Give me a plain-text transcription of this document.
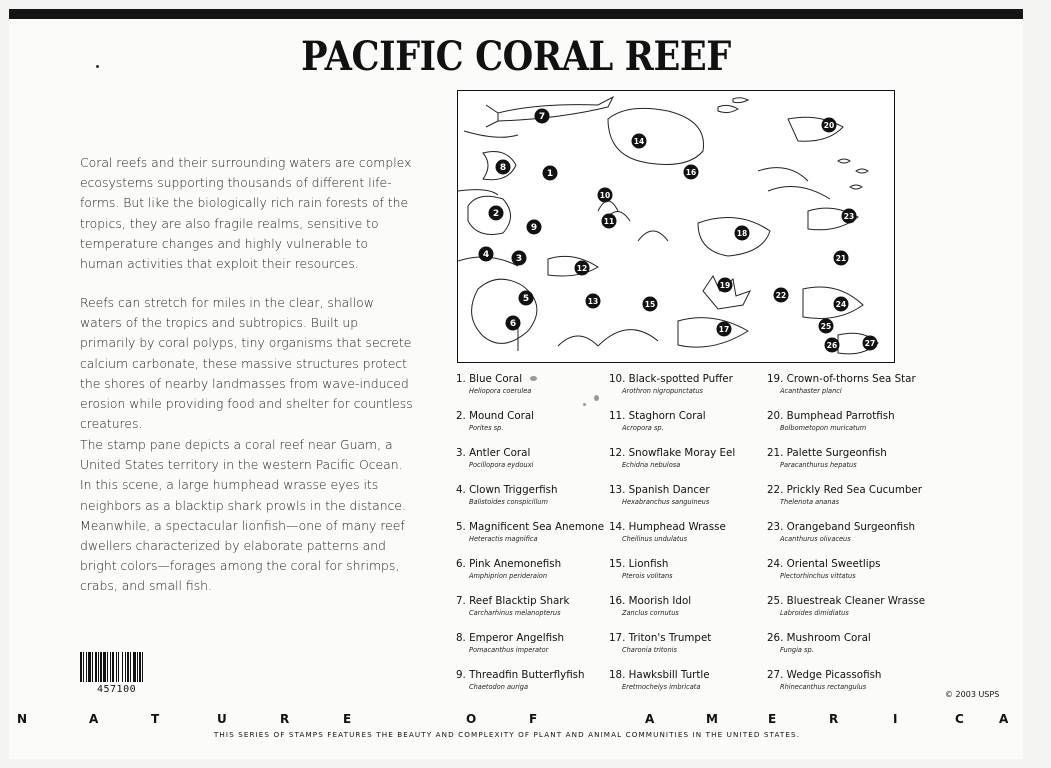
PACIFIC CORAL REEF
Coral reefs and their surrounding waters are complex ecosystems supporting thousands of different life-forms. But like the biologically rich rain forests of the tropics, they are also fragile realms, sensitive to temperature changes and highly vulnerable to human activities that exploit their resources.
Reefs can stretch for miles in the clear, shallow waters of the tropics and subtropics. Built up primarily by coral polyps, tiny organisms that secrete calcium carbonate, these massive structures protect the shores of nearby landmasses from wave-induced erosion while providing food and shelter for countless creatures.
The stamp pane depicts a coral reef near Guam, a United States territory in the western Pacific Ocean. In this scene, a large humphead wrasse eyes its neighbors as a blacktip shark prowls in the distance. Meanwhile, a spectacular lionfish—one of many reef dwellers characterized by elaborate patterns and bright colors—forages among the coral for shrimps, crabs, and small fish.
457100
1
2
3
4
5
6
7
8
9
10
11
12
13
14
15
16
17
18
19
20
21
22
23
24
25
26	27
1. Blue Coral
Heliopora coerulea
2. Mound Coral
Porites sp.
3. Antler Coral
Pocillopora eydouxi
4. Clown Triggerfish
Balistoides conspicillum
5. Magnificent Sea Anemone
Heteractis magnifica
6. Pink Anemonefish
Amphiprion perideraion
7. Reef Blacktip Shark
Carcharhinus melanopterus
8. Emperor Angelfish
Pomacanthus imperator
9. Threadfin Butterflyfish
Chaetodon auriga
10. Black-spotted Puffer
Arothron nigropunctatus
11. Staghorn Coral
Acropora sp.
12. Snowflake Moray Eel
Echidna nebulosa
13. Spanish Dancer
Hexabranchus sanguineus
14. Humphead Wrasse
Cheilinus undulatus
15. Lionfish
Pterois volitans
16. Moorish Idol
Zanclus cornutus
17. Triton's Trumpet
Charonia tritonis
18. Hawksbill Turtle
Eretmochelys imbricata
19. Crown-of-thorns Sea Star
Acanthaster planci
20. Bumphead Parrotfish
Bolbometopon muricatum
21. Palette Surgeonfish
Paracanthurus hepatus
22. Prickly Red Sea Cucumber
Thelenota ananas
23. Orangeband Surgeonfish
Acanthurus olivaceus
24. Oriental Sweetlips
Plectorhinchus vittatus
25. Bluestreak Cleaner Wrasse
Labroides dimidiatus
26. Mushroom Coral
Fungia sp.
27. Wedge Picassofish
Rhinecanthus rectangulus
© 2003 USPS
N	A	T	U	R	E	O	F	A	M	E	R	I	C	A
THIS SERIES OF STAMPS FEATURES THE BEAUTY AND COMPLEXITY OF PLANT AND ANIMAL COMMUNITIES IN THE UNITED STATES.
